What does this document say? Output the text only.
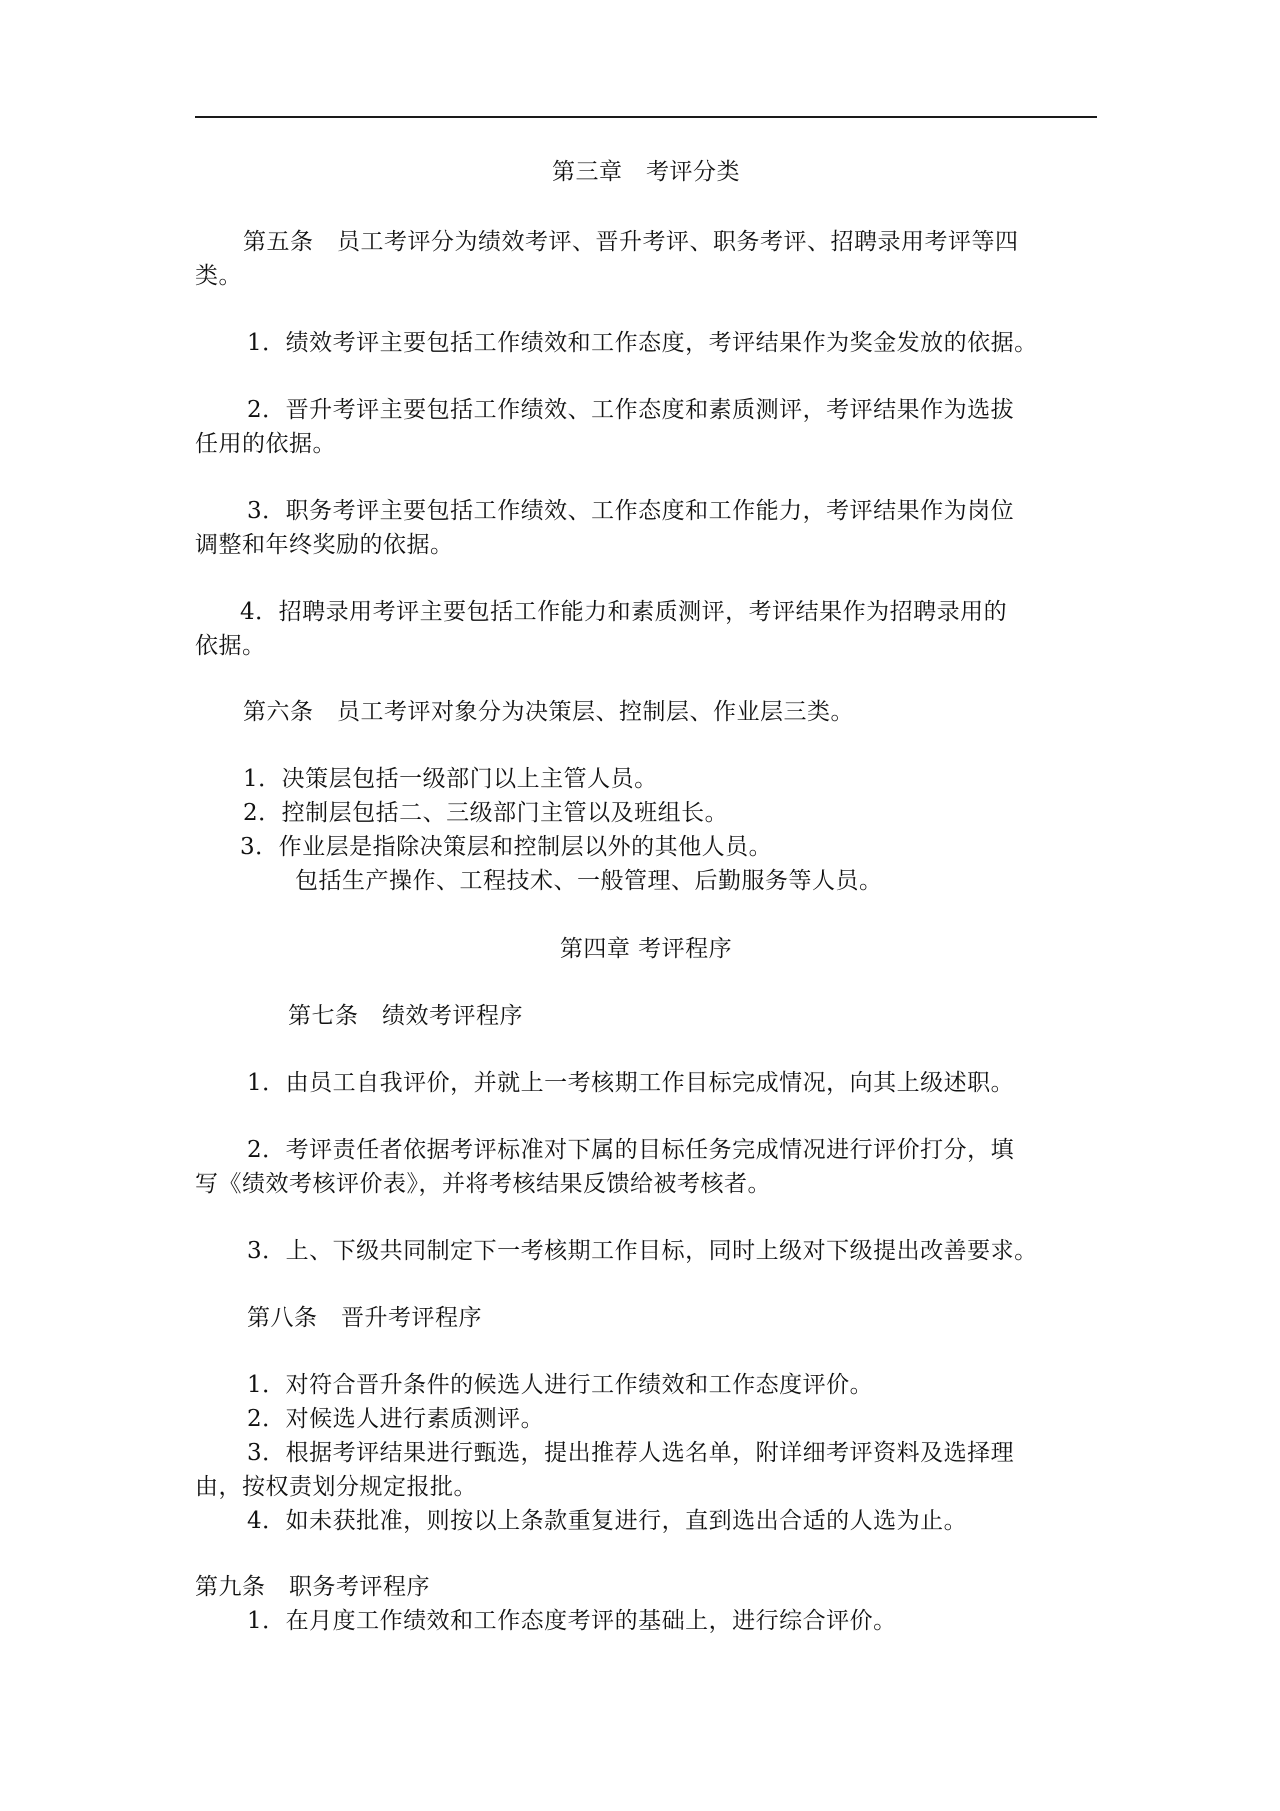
第三章　考评分类
第五条　员工考评分为绩效考评、晋升考评、职务考评、招聘录用考评等四
类。
1．绩效考评主要包括工作绩效和工作态度，考评结果作为奖金发放的依据。
2．晋升考评主要包括工作绩效、工作态度和素质测评，考评结果作为选拔
任用的依据。
3．职务考评主要包括工作绩效、工作态度和工作能力，考评结果作为岗位
调整和年终奖励的依据。
4．招聘录用考评主要包括工作能力和素质测评，考评结果作为招聘录用的
依据。
第六条　员工考评对象分为决策层、控制层、作业层三类。
1．决策层包括一级部门以上主管人员。
2．控制层包括二、三级部门主管以及班组长。
3．作业层是指除决策层和控制层以外的其他人员。
包括生产操作、工程技术、一般管理、后勤服务等人员。
第四章 考评程序
第七条　绩效考评程序
1．由员工自我评价，并就上一考核期工作目标完成情况，向其上级述职。
2．考评责任者依据考评标准对下属的目标任务完成情况进行评价打分，填
写《绩效考核评价表》，并将考核结果反馈给被考核者。
3．上、下级共同制定下一考核期工作目标，同时上级对下级提出改善要求。
第八条　晋升考评程序
1．对符合晋升条件的候选人进行工作绩效和工作态度评价。
2．对候选人进行素质测评。
3．根据考评结果进行甄选，提出推荐人选名单，附详细考评资料及选择理
由，按权责划分规定报批。
4．如未获批准，则按以上条款重复进行，直到选出合适的人选为止。
第九条　职务考评程序
1．在月度工作绩效和工作态度考评的基础上，进行综合评价。
